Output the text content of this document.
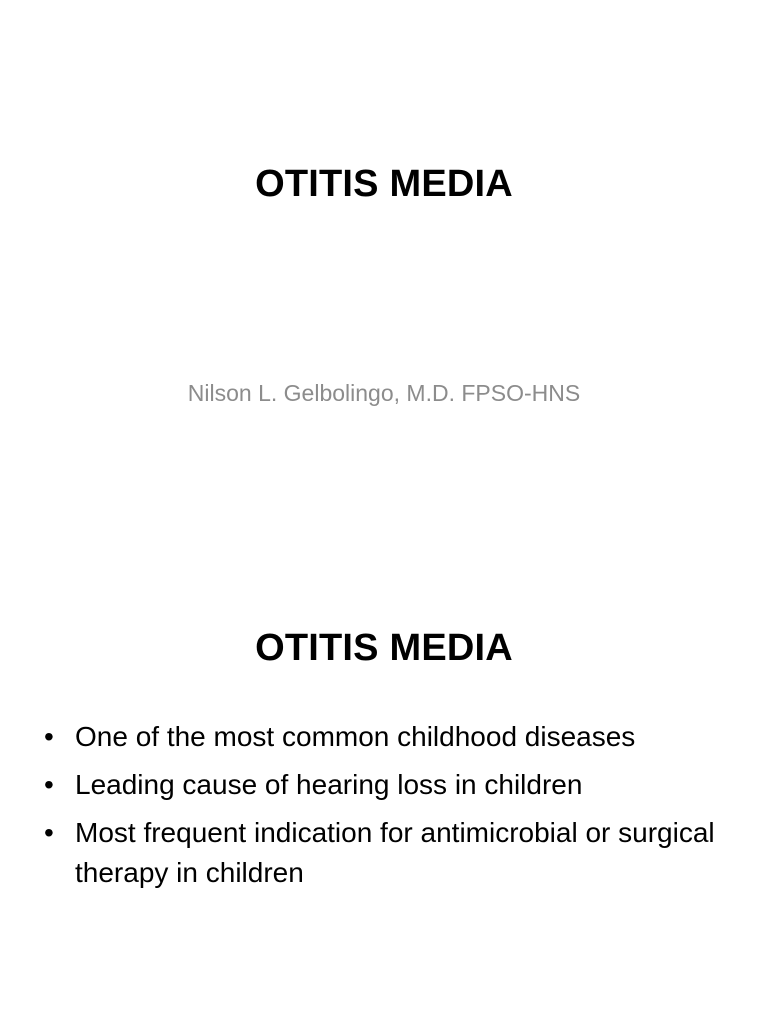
OTITIS MEDIA
Nilson L. Gelbolingo, M.D. FPSO-HNS
OTITIS MEDIA
• One of the most common childhood diseases
• Leading cause of hearing loss in children
• Most frequent indication for antimicrobial or surgical therapy in children
